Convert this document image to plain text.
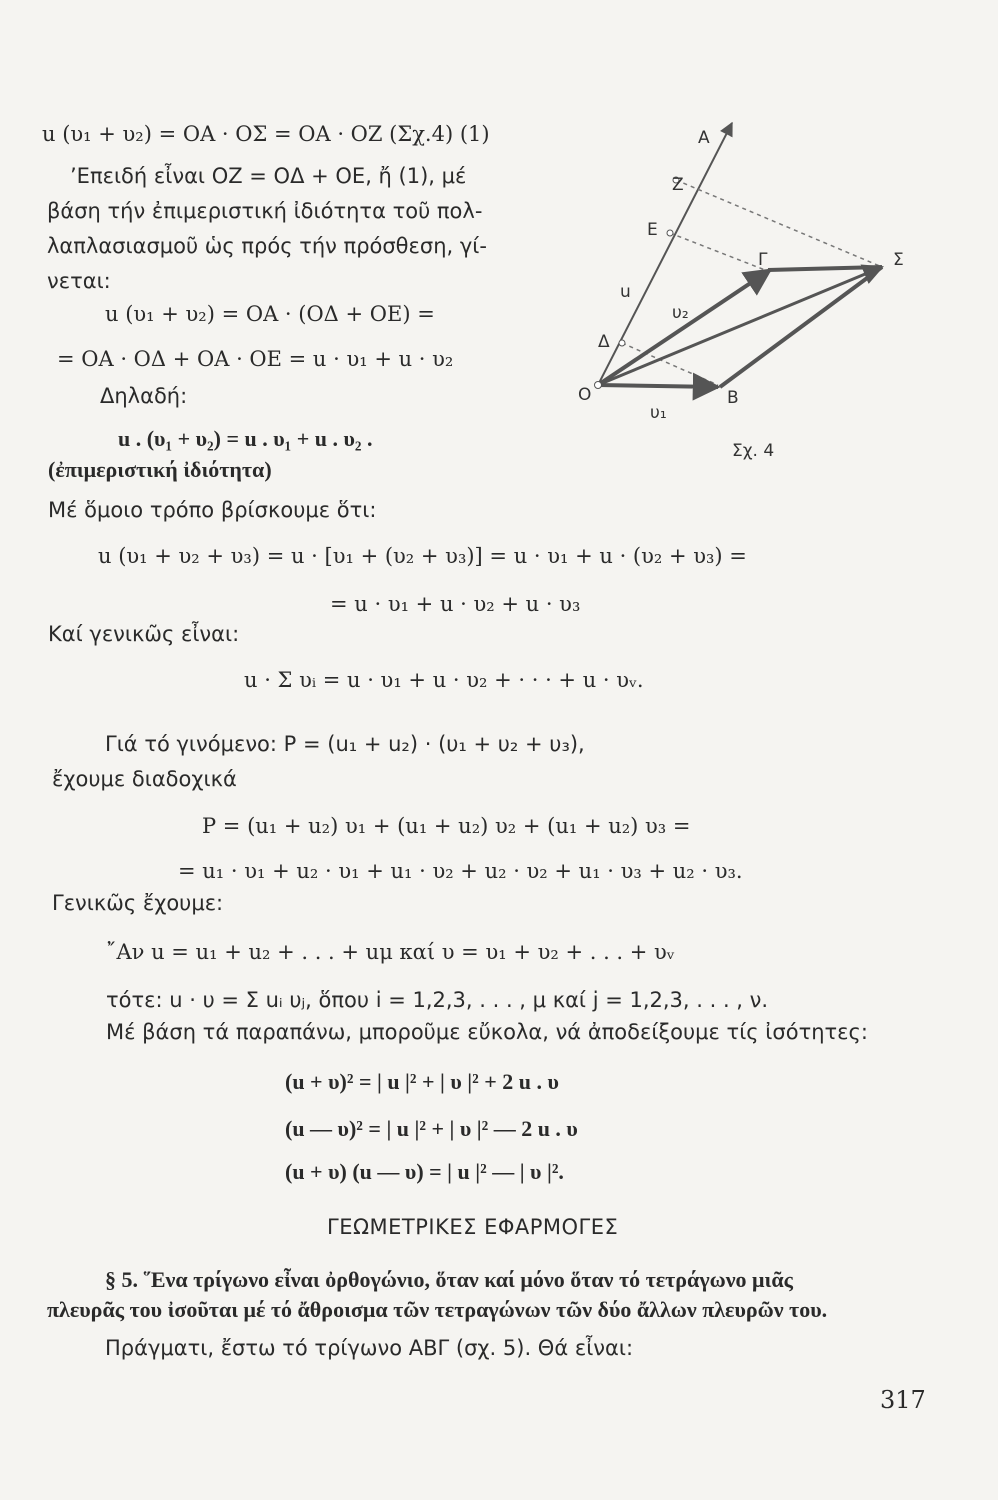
u (υ₁ + υ₂) = ΟΑ · ΟΣ = ΟΑ · ΟΖ (Σχ.4) (1)
’Επειδή εἶναι ΟΖ = ΟΔ + ΟΕ, ἤ (1), μέ
βάση τήν ἐπιμεριστική ἰδιότητα τοῦ πολ-
λαπλασιασμοῦ ὡς πρός τήν πρόσθεση, γί-
νεται:
u (υ₁ + υ₂) = ΟΑ · (ΟΔ + ΟΕ) =
= ΟΑ · ΟΔ + ΟΑ · ΟΕ = u · υ₁ + u · υ₂
Δηλαδή:
u . (υ₁ + υ₂) = u . υ₁ + u . υ₂ .
(ἐπιμεριστική ἰδιότητα)
Μέ ὅμοιο τρόπο βρίσκουμε ὅτι:
u (υ₁ + υ₂ + υ₃) = u · [υ₁ + (υ₂ + υ₃)] = u · υ₁ + u · (υ₂ + υ₃) =
= u · υ₁ + u · υ₂ + u · υ₃
Καί γενικῶς εἶναι:
u · Σ υᵢ = u · υ₁ + u · υ₂ + · · · + u · υᵥ.
Γιά τό γινόμενο: P = (u₁ + u₂) · (υ₁ + υ₂ + υ₃),
ἔχουμε διαδοχικά
P = (u₁ + u₂) υ₁ + (u₁ + u₂) υ₂ + (u₁ + u₂) υ₃ =
= u₁ · υ₁ + u₂ · υ₁ + u₁ · υ₂ + u₂ · υ₂ + u₁ · υ₃ + u₂ · υ₃.
Γενικῶς ἔχουμε:
῎Αν u = u₁ + u₂ + . . . + uμ καί υ = υ₁ + υ₂ + . . . + υᵥ
τότε: u · υ = Σ uᵢ υⱼ, ὅπου i = 1,2,3, . . . , μ καί j = 1,2,3, . . . , ν.
Μέ βάση τά παραπάνω, μποροῦμε εὔκολα, νά ἀποδείξουμε τίς ἰσότητες:
(u + υ)² = | u |² + | υ |² + 2 u . υ
(u — υ)² = | u |² + | υ |² — 2 u . υ
(u + υ) (u — υ) = | u |² — | υ |².
ΓΕΩΜΕΤΡΙΚΕΣ ΕΦΑΡΜΟΓΕΣ
§ 5. ῞Ενα τρίγωνο εἶναι ὀρθογώνιο, ὅταν καί μόνο ὅταν τό τετράγωνο μιᾶς
πλευρᾶς του ἰσοῦται μέ τό ἄθροισμα τῶν τετραγώνων τῶν δύο ἄλλων πλευρῶν του.
Πράγματι, ἔστω τό τρίγωνο ΑΒΓ (σχ. 5). Θά εἶναι:
317
Α
Ζ
Ε
Γ	Σ
Δ
Ο	Β
u
υ₂
υ₁
Σχ. 4
